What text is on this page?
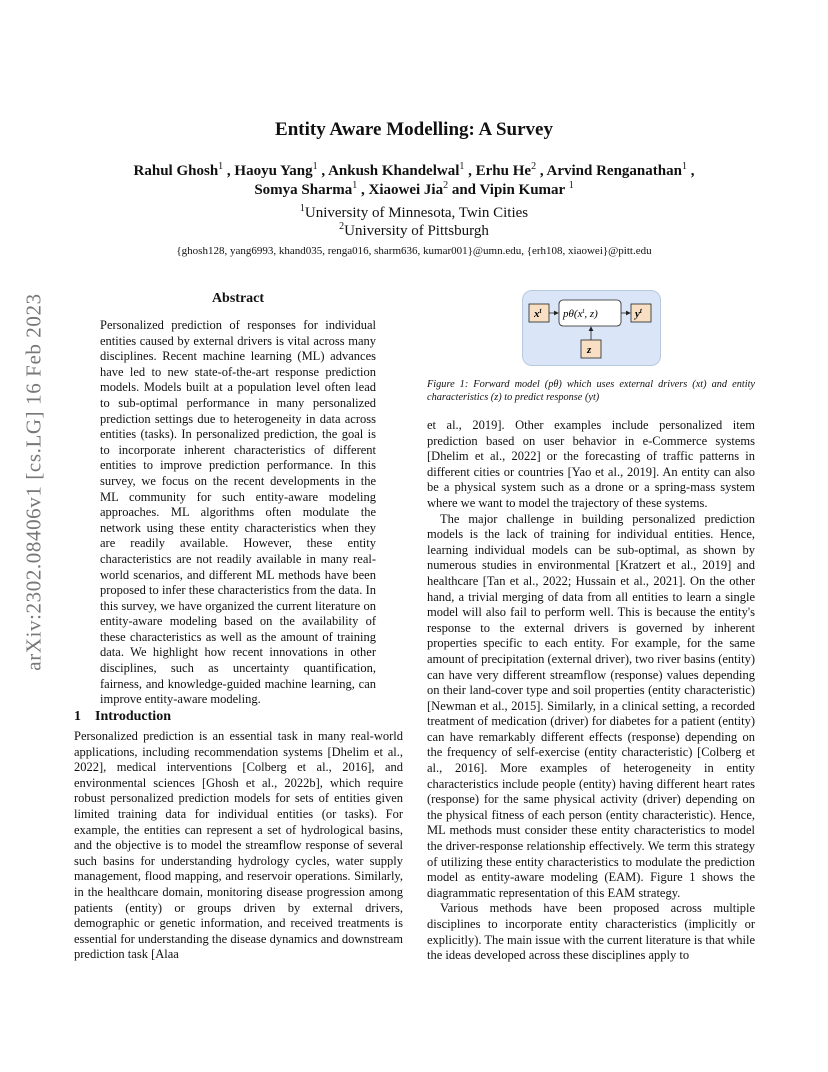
arXiv:2302.08406v1 [cs.LG] 16 Feb 2023
Entity Aware Modelling: A Survey
Rahul Ghosh$^1$ , Haoyu Yang$^1$ , Ankush Khandelwal$^1$ , Erhu He$^2$ , Arvind Renganathan$^1$ ,
Somya Sharma$^1$ , Xiaowei Jia$^2$ and Vipin Kumar $^1$
$^1$University of Minnesota, Twin Cities
$^2$University of Pittsburgh
{ghosh128, yang6993, khand035, renga016, sharm636, kumar001}@umn.edu, {erh108, xiaowei}@pitt.edu
Abstract

Personalized prediction of responses for individual entities caused by external drivers is vital across many disciplines. Recent machine learning (ML) advances have led to new state-of-the-art response prediction models. Models built at a population level often lead to sub-optimal performance in many personalized prediction settings due to heterogeneity in data across entities (tasks). In personalized prediction, the goal is to incorporate inherent characteristics of different entities to improve prediction performance. In this survey, we focus on the recent developments in the ML community for such entity-aware modeling approaches. ML algorithms often modulate the network using these entity characteristics when they are readily available. However, these entity characteristics are not readily available in many real-world scenarios, and different ML methods have been proposed to infer these characteristics from the data. In this survey, we have organized the current literature on entity-aware modeling based on the availability of these characteristics as well as the amount of training data. We highlight how recent innovations in other disciplines, such as uncertainty quantification, fairness, and knowledge-guided machine learning, can improve entity-aware modeling.

1 Introduction

Personalized prediction is an essential task in many real-world applications, including recommendation systems [Dhelim et al., 2022], medical interventions [Colberg et al., 2016], and environmental sciences [Ghosh et al., 2022b], which require robust personalized prediction models for sets of entities given limited training data for individual entities (or tasks). For example, the entities can represent a set of hydrological basins, and the objective is to model the streamflow response of several such basins for understanding hydrology cycles, water supply management, flood mapping, and reservoir operations. Similarly, in the healthcare domain, monitoring disease progression among patients (entity) or groups driven by external drivers, demographic or genetic information, and received treatments is essential for understanding the disease dynamics and downstream prediction task [Alaa

$x^t$ $p\theta(x^t$, z)	$y^t$
z
Figure 1: Forward model (pθ) which uses external drivers (xt) and entity characteristics (z) to predict response (yt)

et al., 2019]. Other examples include personalized item prediction based on user behavior in e-Commerce systems [Dhelim et al., 2022] or the forecasting of traffic patterns in different cities or countries [Yao et al., 2019]. An entity can also be a physical system such as a drone or a spring-mass system where we want to model the trajectory of these systems.

The major challenge in building personalized prediction models is the lack of training for individual entities. Hence, learning individual models can be sub-optimal, as shown by numerous studies in environmental [Kratzert et al., 2019] and healthcare [Tan et al., 2022; Hussain et al., 2021]. On the other hand, a trivial merging of data from all entities to learn a single model will also fail to perform well. This is because the entity's response to the external drivers is governed by inherent properties specific to each entity. For example, for the same amount of precipitation (external driver), two river basins (entity) can have very different streamflow (response) values depending on their land-cover type and soil properties (entity characteristic) [Newman et al., 2015]. Similarly, in a clinical setting, a recorded treatment of medication (driver) for diabetes for a patient (entity) can have remarkably different effects (response) depending on the frequency of self-exercise (entity characteristic) [Colberg et al., 2016]. More examples of heterogeneity in entity characteristics include people (entity) having different heart rates (response) for the same physical activity (driver) depending on the physical fitness of each person (entity characteristic). Hence, ML methods must consider these entity characteristics to model the driver-response relationship effectively. We term this strategy of utilizing these entity characteristics to modulate the prediction model as entity-aware modeling (EAM). Figure 1 shows the diagrammatic representation of this EAM strategy.

Various methods have been proposed across multiple disciplines to incorporate entity characteristics (implicitly or explicitly). The main issue with the current literature is that while the ideas developed across these disciplines apply to
